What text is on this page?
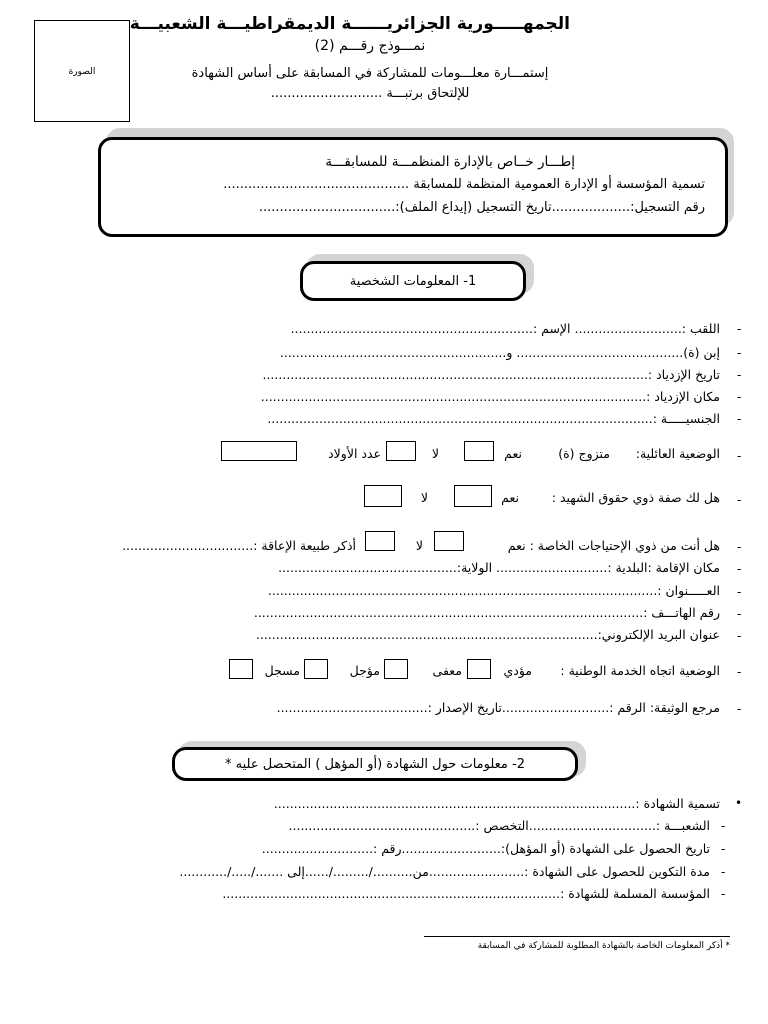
الصورة
الجمهـــــورية الجزائريــــــة الديمقراطيـــة الشعبيـــة
نمـــوذج رقـــم (2)
إستمـــارة معلـــومات للمشاركة في المسابقة على أساس الشهادة
للإلتحاق برتبـــة ...........................
إطـــار خــاص بالإدارة المنظمـــة للمسابقـــة
تسمية المؤسسة أو الإدارة العمومية المنظمة للمسابقة .............................................
رقم التسجيل:...................تاريخ التسجيل (إيداع الملف):.................................
1- المعلومات الشخصية
-
اللقب :........................... الإسم :.............................................................
-
إبن (ة).......................................... و.........................................................
-
تاريخ الإزدياد :.................................................................................................
-
مكان الإزدياد :.................................................................................................
-
الجنسيـــــة :.................................................................................................
-
الوضعية العائلية:
متزوج (ة)
نعم
لا
عدد الأولاد
-
هل لك صفة ذوي حقوق الشهيد :
نعم
لا
-
هل أنت من ذوي الإحتياجات الخاصة : نعم
لا
أذكر طبيعة الإعاقة :.................................
-
مكان الإقامة :البلدية :............................ الولاية:.............................................
-
العـــــنوان :..................................................................................................
-
رقم الهاتـــف :..................................................................................................
-
عنوان البريد الإلكتروني:......................................................................................
-
الوضعية اتجاه الخدمة الوطنية :
مؤدي
معفى
مؤجل
مسجل
-
مرجع الوثيقة: الرقم :...........................تاريخ الإصدار :......................................
2- معلومات حول الشهادة (أو المؤهل ) المتحصل عليه *
•
تسمية الشهادة :...........................................................................................
-
الشعبـــة :................................التخصص :...............................................
-
تاريخ الحصول على الشهادة (أو المؤهل):.........................رقم :............................
-
مدة التكوين للحصول على الشهادة :........................من........../........./......إلى ......./...../............
-
المؤسسة المسلمة للشهادة :.....................................................................................
* أذكر المعلومات الخاصة بالشهادة المطلوبة للمشاركة في المسابقة
